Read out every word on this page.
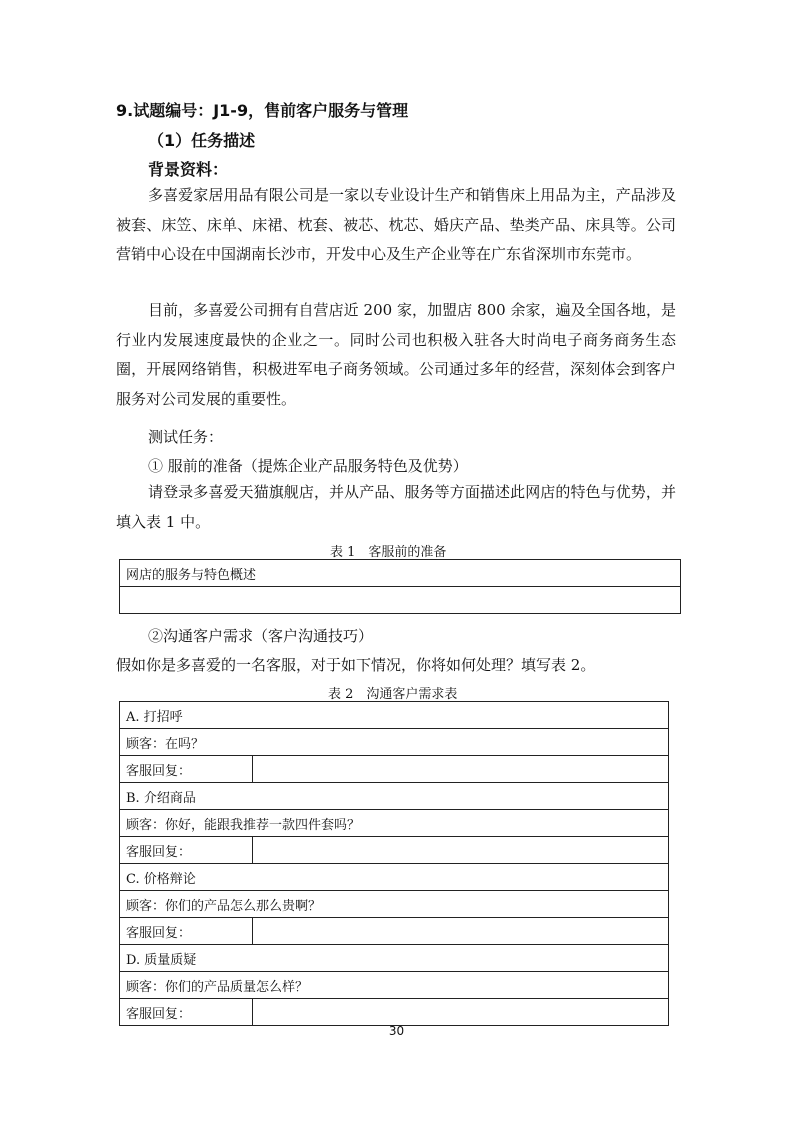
9.试题编号：J1-9，售前客户服务与管理
（1）任务描述
背景资料：

多喜爱家居用品有限公司是一家以专业设计生产和销售床上用品为主，产品涉及被套、床笠、床单、床裙、枕套、被芯、枕芯、婚庆产品、垫类产品、床具等。公司营销中心设在中国湖南长沙市，开发中心及生产企业等在广东省深圳市东莞市。

目前，多喜爱公司拥有自营店近 200 家，加盟店 800 余家，遍及全国各地，是行业内发展速度最快的企业之一。同时公司也积极入驻各大时尚电子商务商务生态圈，开展网络销售，积极进军电子商务领域。公司通过多年的经营，深刻体会到客户服务对公司发展的重要性。

测试任务：
① 服前的准备（提炼企业产品服务特色及优势）

请登录多喜爱天猫旗舰店，并从产品、服务等方面描述此网店的特色与优势，并填入表 1 中。

表 1　客服前的准备
网店的服务与特色概述

②沟通客户需求（客户沟通技巧）
假如你是多喜爱的一名客服，对于如下情况，你将如何处理？填写表 2。
表 2　沟通客户需求表
A. 打招呼	
顾客：在吗？	
客服回复：	
B. 介绍商品	
顾客：你好，能跟我推荐一款四件套吗？	
客服回复：	
C. 价格辩论	
顾客：你们的产品怎么那么贵啊？	
客服回复：	
D. 质量质疑	
顾客：你们的产品质量怎么样？	
客服回复：	
30
